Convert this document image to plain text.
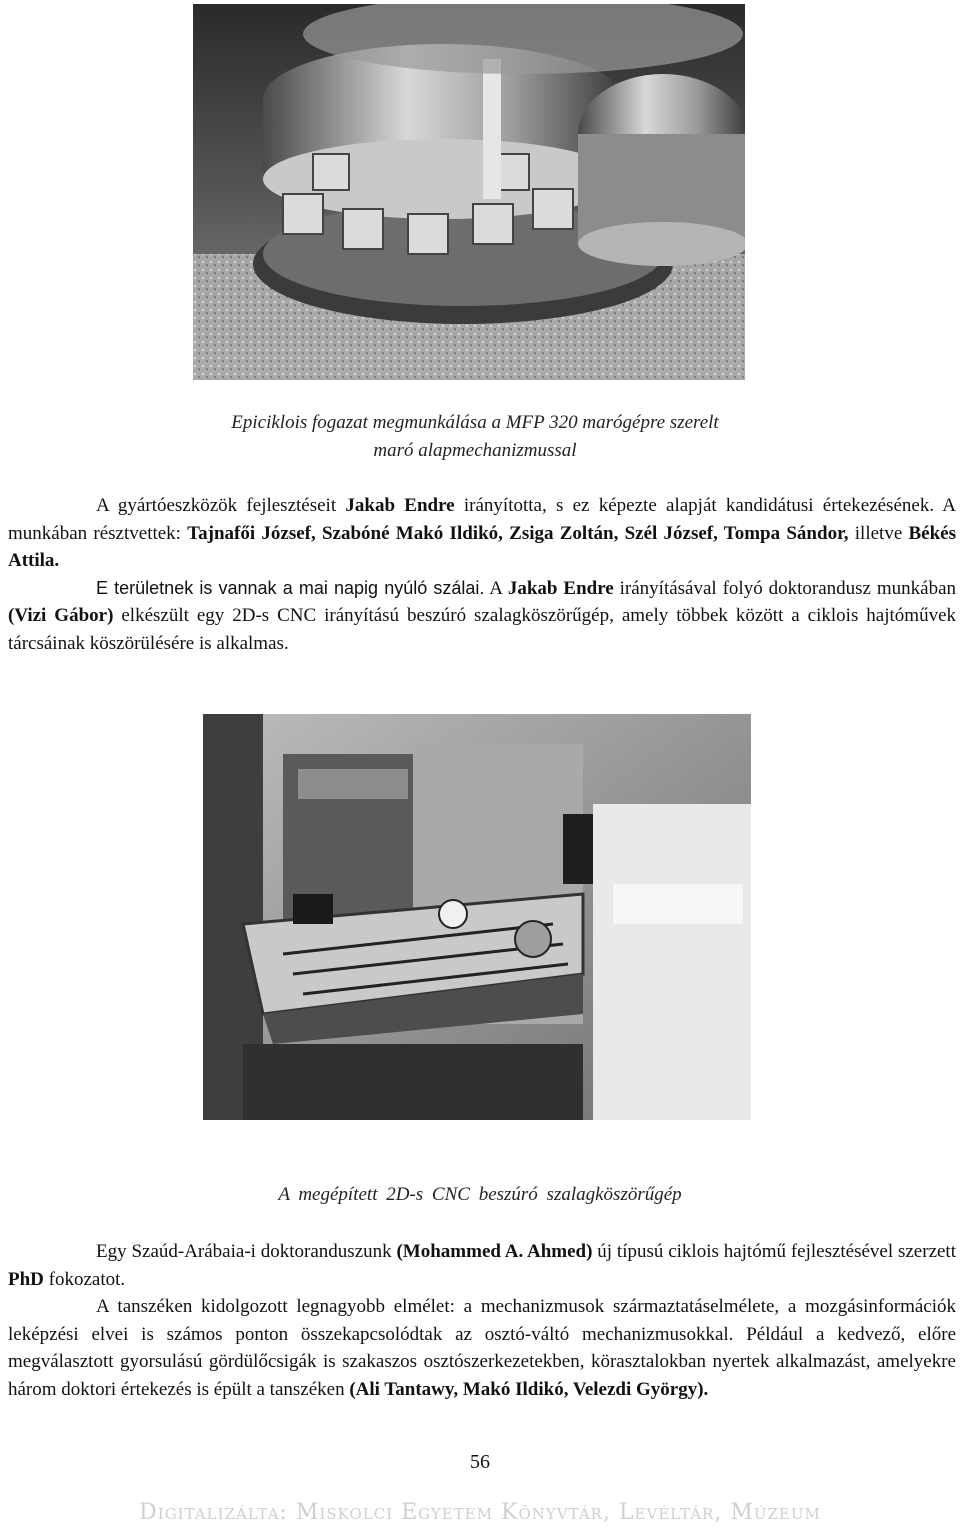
Epiciklois fogazat megmunkálása a MFP 320 marógépre szerelt
maró alapmechanizmussal
A gyártóeszközök fejlesztéseit Jakab Endre irányította, s ez képezte alapját kandidátusi értekezésének. A munkában résztvettek: Tajnafői József, Szabóné Makó Ildikó, Zsiga Zoltán, Szél József, Tompa Sándor, illetve Békés Attila.
E területnek is vannak a mai napig nyúló szálai. A Jakab Endre irányításával folyó doktorandusz munkában (Vizi Gábor) elkészült egy 2D-s CNC irányítású beszúró szalagköszörűgép, amely többek között a ciklois hajtóművek tárcsáinak köszörülésére is alkalmas.
A megépített 2D-s CNC beszúró szalagköszörűgép
Egy Szaúd-Arábaia-i doktoranduszunk (Mohammed A. Ahmed) új típusú ciklois hajtómű fejlesztésével szerzett PhD fokozatot.
A tanszéken kidolgozott legnagyobb elmélet: a mechanizmusok származtatáselmélete, a mozgásinformációk leképzési elvei is számos ponton összekapcsolódtak az osztó-váltó mechanizmusokkal. Például a kedvező, előre megválasztott gyorsulású gördülőcsigák is szakaszos osztószerkezetekben, körasztalokban nyertek alkalmazást, amelyekre három doktori értekezés is épült a tanszéken (Ali Tantawy, Makó Ildikó, Velezdi György).
56
Digitalizálta: Miskolci Egyetem Könyvtár, Levéltár, Múzeum
